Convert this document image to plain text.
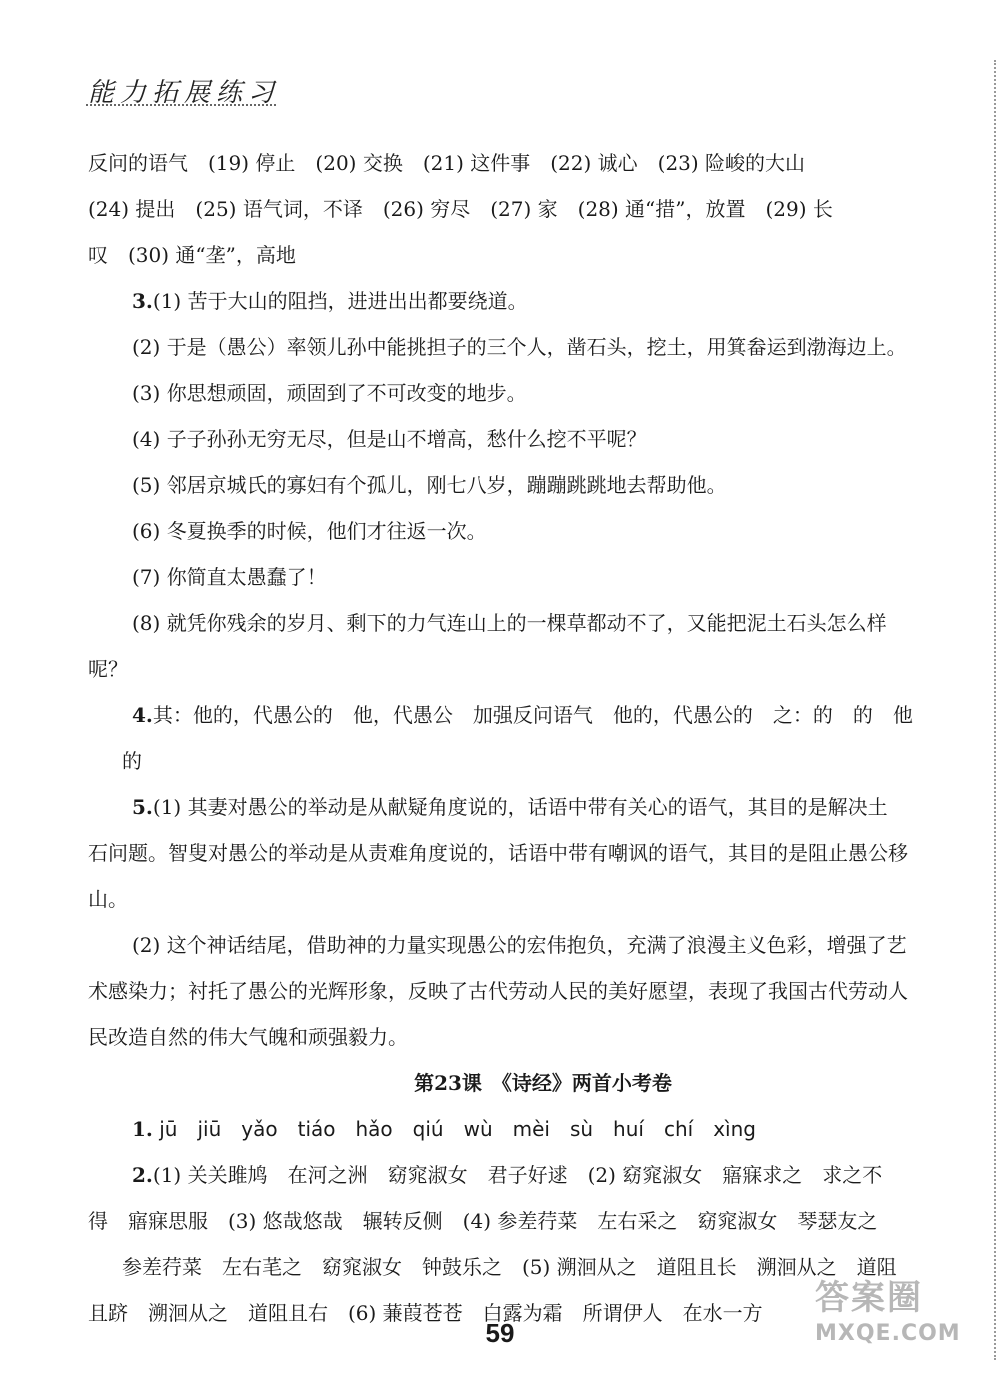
能力拓展练习

反问的语气　(19) 停止　(20) 交换　(21) 这件事　(22) 诚心　(23) 险峻的大山

(24) 提出　(25) 语气词，不译　(26) 穷尽　(27) 家　(28) 通“措”，放置　(29) 长

叹　(30) 通“垄”，高地

3.(1) 苦于大山的阻挡，进进出出都要绕道。

(2) 于是（愚公）率领儿孙中能挑担子的三个人，凿石头，挖土，用箕畚运到渤海边上。

(3) 你思想顽固，顽固到了不可改变的地步。

(4) 子子孙孙无穷无尽，但是山不增高，愁什么挖不平呢？

(5) 邻居京城氏的寡妇有个孤儿，刚七八岁，蹦蹦跳跳地去帮助他。

(6) 冬夏换季的时候，他们才往返一次。

(7) 你简直太愚蠢了！

(8) 就凭你残余的岁月、剩下的力气连山上的一棵草都动不了，又能把泥土石头怎么样

呢？

4.其：他的，代愚公的　他，代愚公　加强反问语气　他的，代愚公的　之：的　的　他

的

5.(1) 其妻对愚公的举动是从献疑角度说的，话语中带有关心的语气，其目的是解决土

石问题。智叟对愚公的举动是从责难角度说的，话语中带有嘲讽的语气，其目的是阻止愚公移

山。

(2) 这个神话结尾，借助神的力量实现愚公的宏伟抱负，充满了浪漫主义色彩，增强了艺

术感染力；衬托了愚公的光辉形象，反映了古代劳动人民的美好愿望，表现了我国古代劳动人

民改造自然的伟大气魄和顽强毅力。

第23课　《诗经》两首小考卷

1. jū　jiū　yǎo　tiáo　hǎo　qiú　wù　mèi　sù　huí　chí　xìng

2.(1) 关关雎鸠　在河之洲　窈窕淑女　君子好逑　(2) 窈窕淑女　寤寐求之　求之不

得　寤寐思服　(3) 悠哉悠哉　辗转反侧　(4) 参差荇菜　左右采之　窈窕淑女　琴瑟友之

参差荇菜　左右芼之　窈窕淑女　钟鼓乐之　(5) 溯洄从之　道阻且长　溯洄从之　道阻

且跻　溯洄从之　道阻且右　(6) 蒹葭苍苍　白露为霜　所谓伊人　在水一方

59
答案圈
MXQE.COM
